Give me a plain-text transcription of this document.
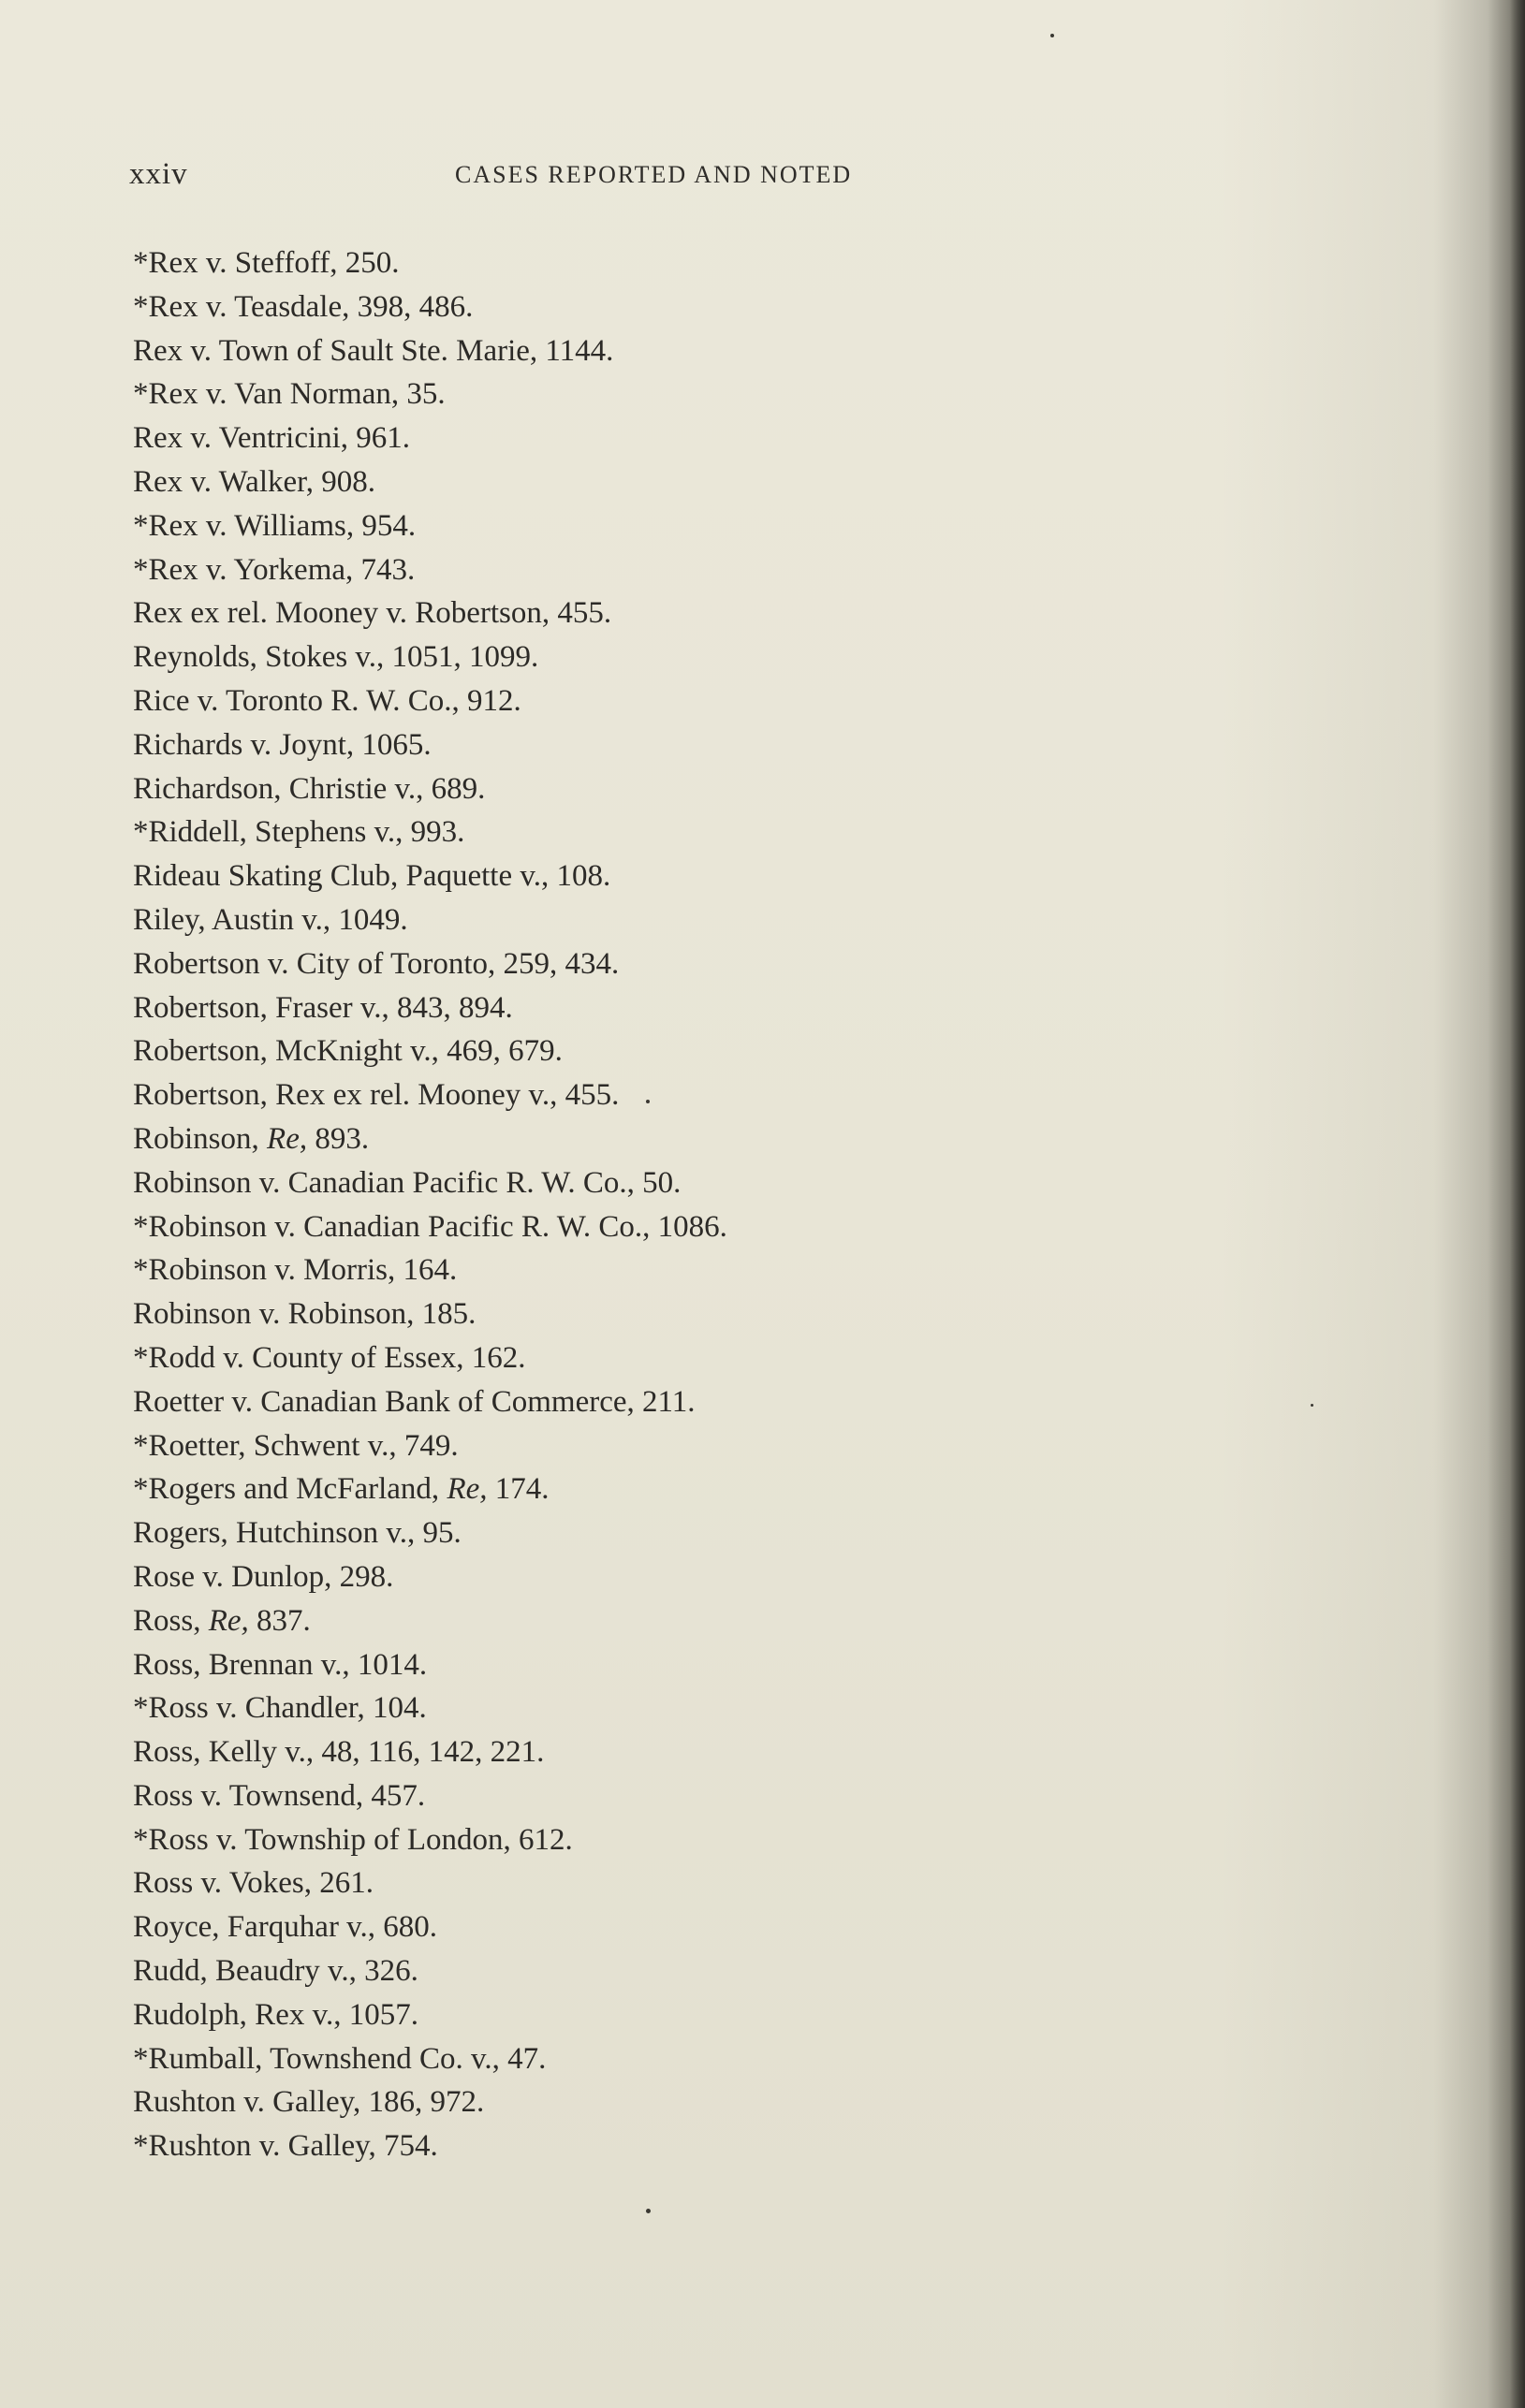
xxiv	CASES REPORTED AND NOTED
*Rex v. Steffoff, 250.
*Rex v. Teasdale, 398, 486.
Rex v. Town of Sault Ste. Marie, 1144.
*Rex v. Van Norman, 35.
Rex v. Ventricini, 961.
Rex v. Walker, 908.
*Rex v. Williams, 954.
*Rex v. Yorkema, 743.
Rex ex rel. Mooney v. Robertson, 455.
Reynolds, Stokes v., 1051, 1099.
Rice v. Toronto R. W. Co., 912.
Richards v. Joynt, 1065.
Richardson, Christie v., 689.
*Riddell, Stephens v., 993.
Rideau Skating Club, Paquette v., 108.
Riley, Austin v., 1049.
Robertson v. City of Toronto, 259, 434.
Robertson, Fraser v., 843, 894.
Robertson, McKnight v., 469, 679.
Robertson, Rex ex rel. Mooney v., 455.
Robinson, Re, 893.
Robinson v. Canadian Pacific R. W. Co., 50.
*Robinson v. Canadian Pacific R. W. Co., 1086.
*Robinson v. Morris, 164.
Robinson v. Robinson, 185.
*Rodd v. County of Essex, 162.
Roetter v. Canadian Bank of Commerce, 211.
*Roetter, Schwent v., 749.
*Rogers and McFarland, Re, 174.
Rogers, Hutchinson v., 95.
Rose v. Dunlop, 298.
Ross, Re, 837.
Ross, Brennan v., 1014.
*Ross v. Chandler, 104.
Ross, Kelly v., 48, 116, 142, 221.
Ross v. Townsend, 457.
*Ross v. Township of London, 612.
Ross v. Vokes, 261.
Royce, Farquhar v., 680.
Rudd, Beaudry v., 326.
Rudolph, Rex v., 1057.
*Rumball, Townshend Co. v., 47.
Rushton v. Galley, 186, 972.
*Rushton v. Galley, 754.
